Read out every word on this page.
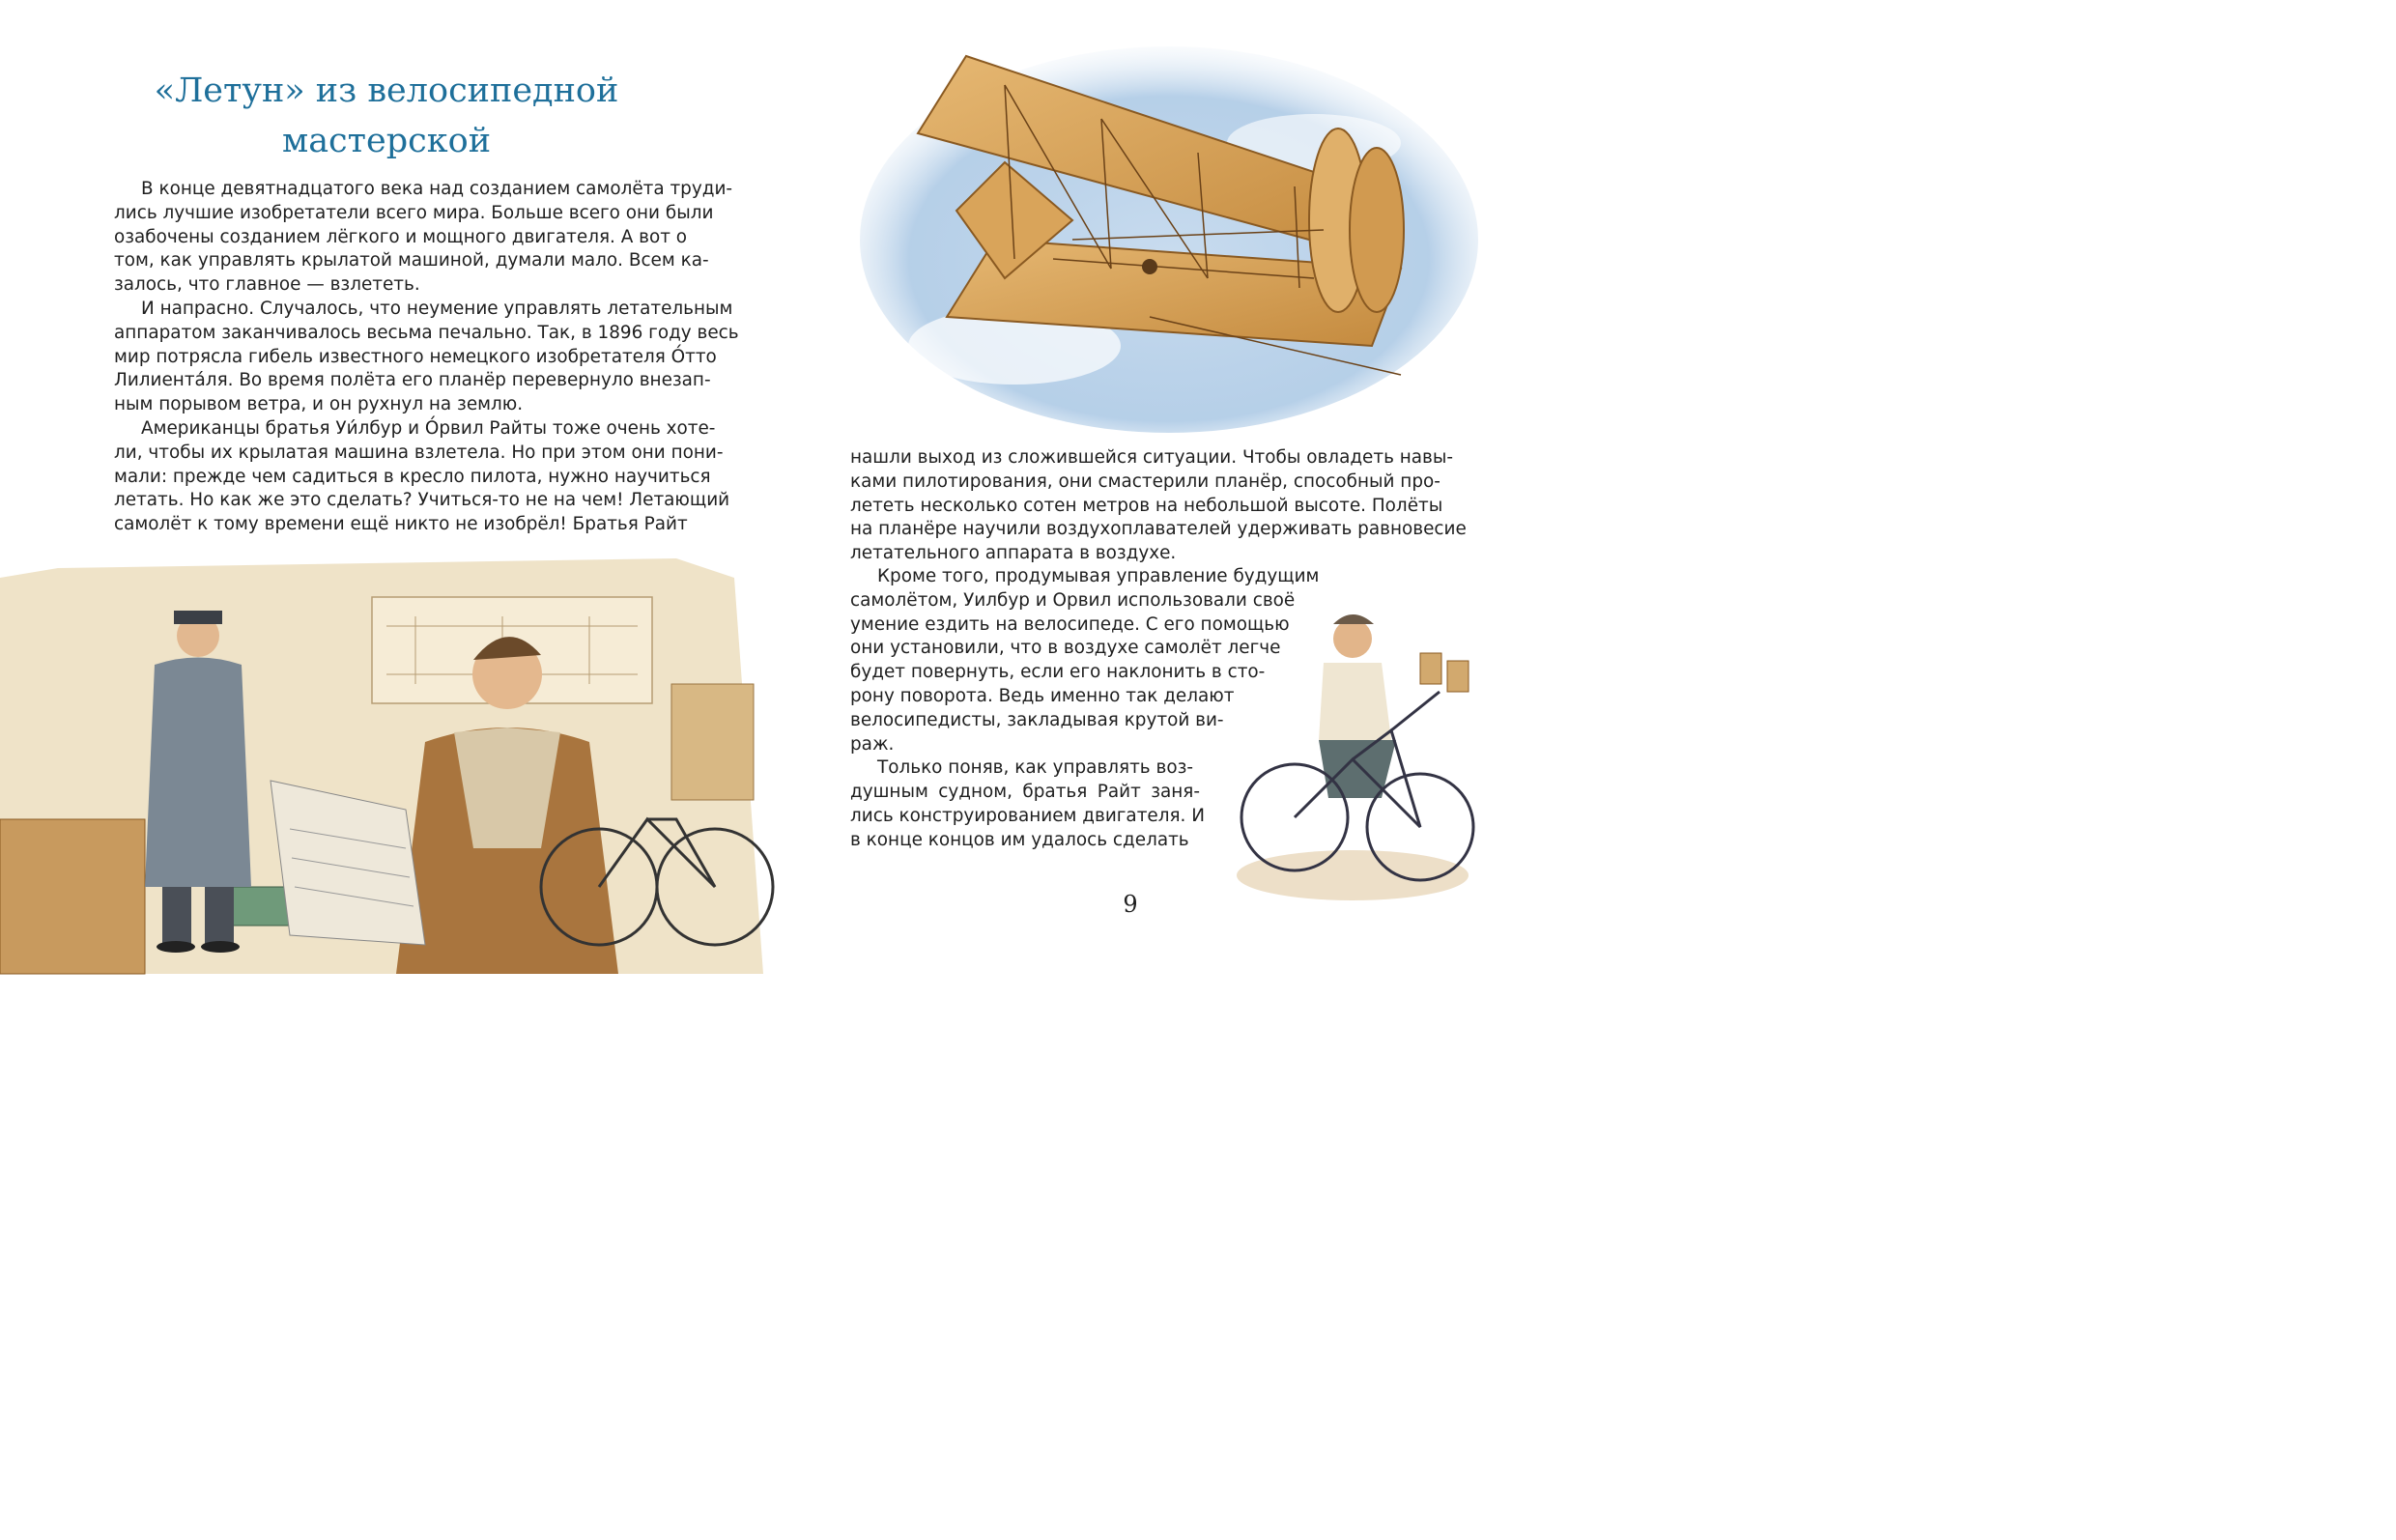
«Летун» из велосипедной мастерской
В конце девятнадцатого века над созданием самолёта труди-
лись лучшие изобретатели всего мира. Больше всего они были
озабочены созданием лёгкого и мощного двигателя. А вот о
том, как управлять крылатой машиной, думали мало. Всем ка-
залось, что главное — взлететь.
И напрасно. Случалось, что неумение управлять летательным
аппаратом заканчивалось весьма печально. Так, в 1896 году весь
мир потрясла гибель известного немецкого изобретателя О́тто
Лилиента́ля. Во время полёта его планёр перевернуло внезап-
ным порывом ветра, и он рухнул на землю.
Американцы братья Уи́лбур и О́рвил Райты тоже очень хоте-
ли, чтобы их крылатая машина взлетела. Но при этом они пони-
мали: прежде чем садиться в кресло пилота, нужно научиться
летать. Но как же это сделать? Учиться-то не на чем! Летающий
самолёт к тому времени ещё никто не изобрёл! Братья Райт
нашли выход из сложившейся ситуации. Чтобы овладеть навы-
ками пилотирования, они смастерили планёр, способный про-
лететь несколько сотен метров на небольшой высоте. Полёты
на планёре научили воздухоплавателей удерживать равновесие
летательного аппарата в воздухе.
Кроме того, продумывая управление будущим
самолётом, Уилбур и Орвил использовали своё
умение ездить на велосипеде. С его помощью
они установили, что в воздухе самолёт легче
будет повернуть, если его наклонить в сто-
рону поворота. Ведь именно так делают
велосипедисты, закладывая крутой ви-
раж.
Только поняв, как управлять воз-
душным судном, братья Райт заня-
лись конструированием двигателя. И
в конце концов им удалось сделать
9
